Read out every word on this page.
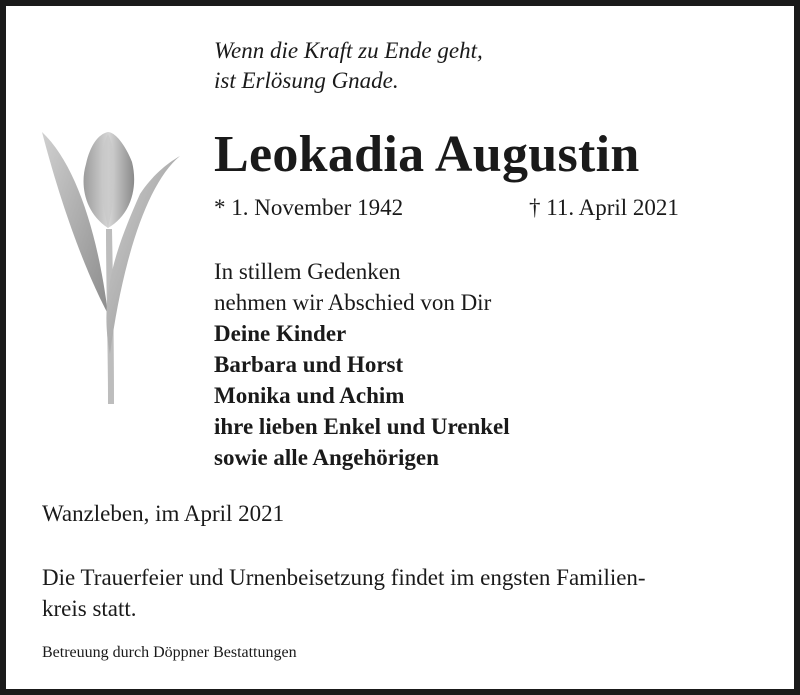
Wenn die Kraft zu Ende geht,
ist Erlösung Gnade.
Leokadia Augustin
* 1. November 1942	† 11. April 2021
In stillem Gedenken
nehmen wir Abschied von Dir
Deine Kinder
Barbara und Horst
Monika und Achim
ihre lieben Enkel und Urenkel
sowie alle Angehörigen
Wanzleben, im April 2021
Die Trauerfeier und Urnenbeisetzung findet im engsten Familien-
kreis statt.
Betreuung durch Döppner Bestattungen
